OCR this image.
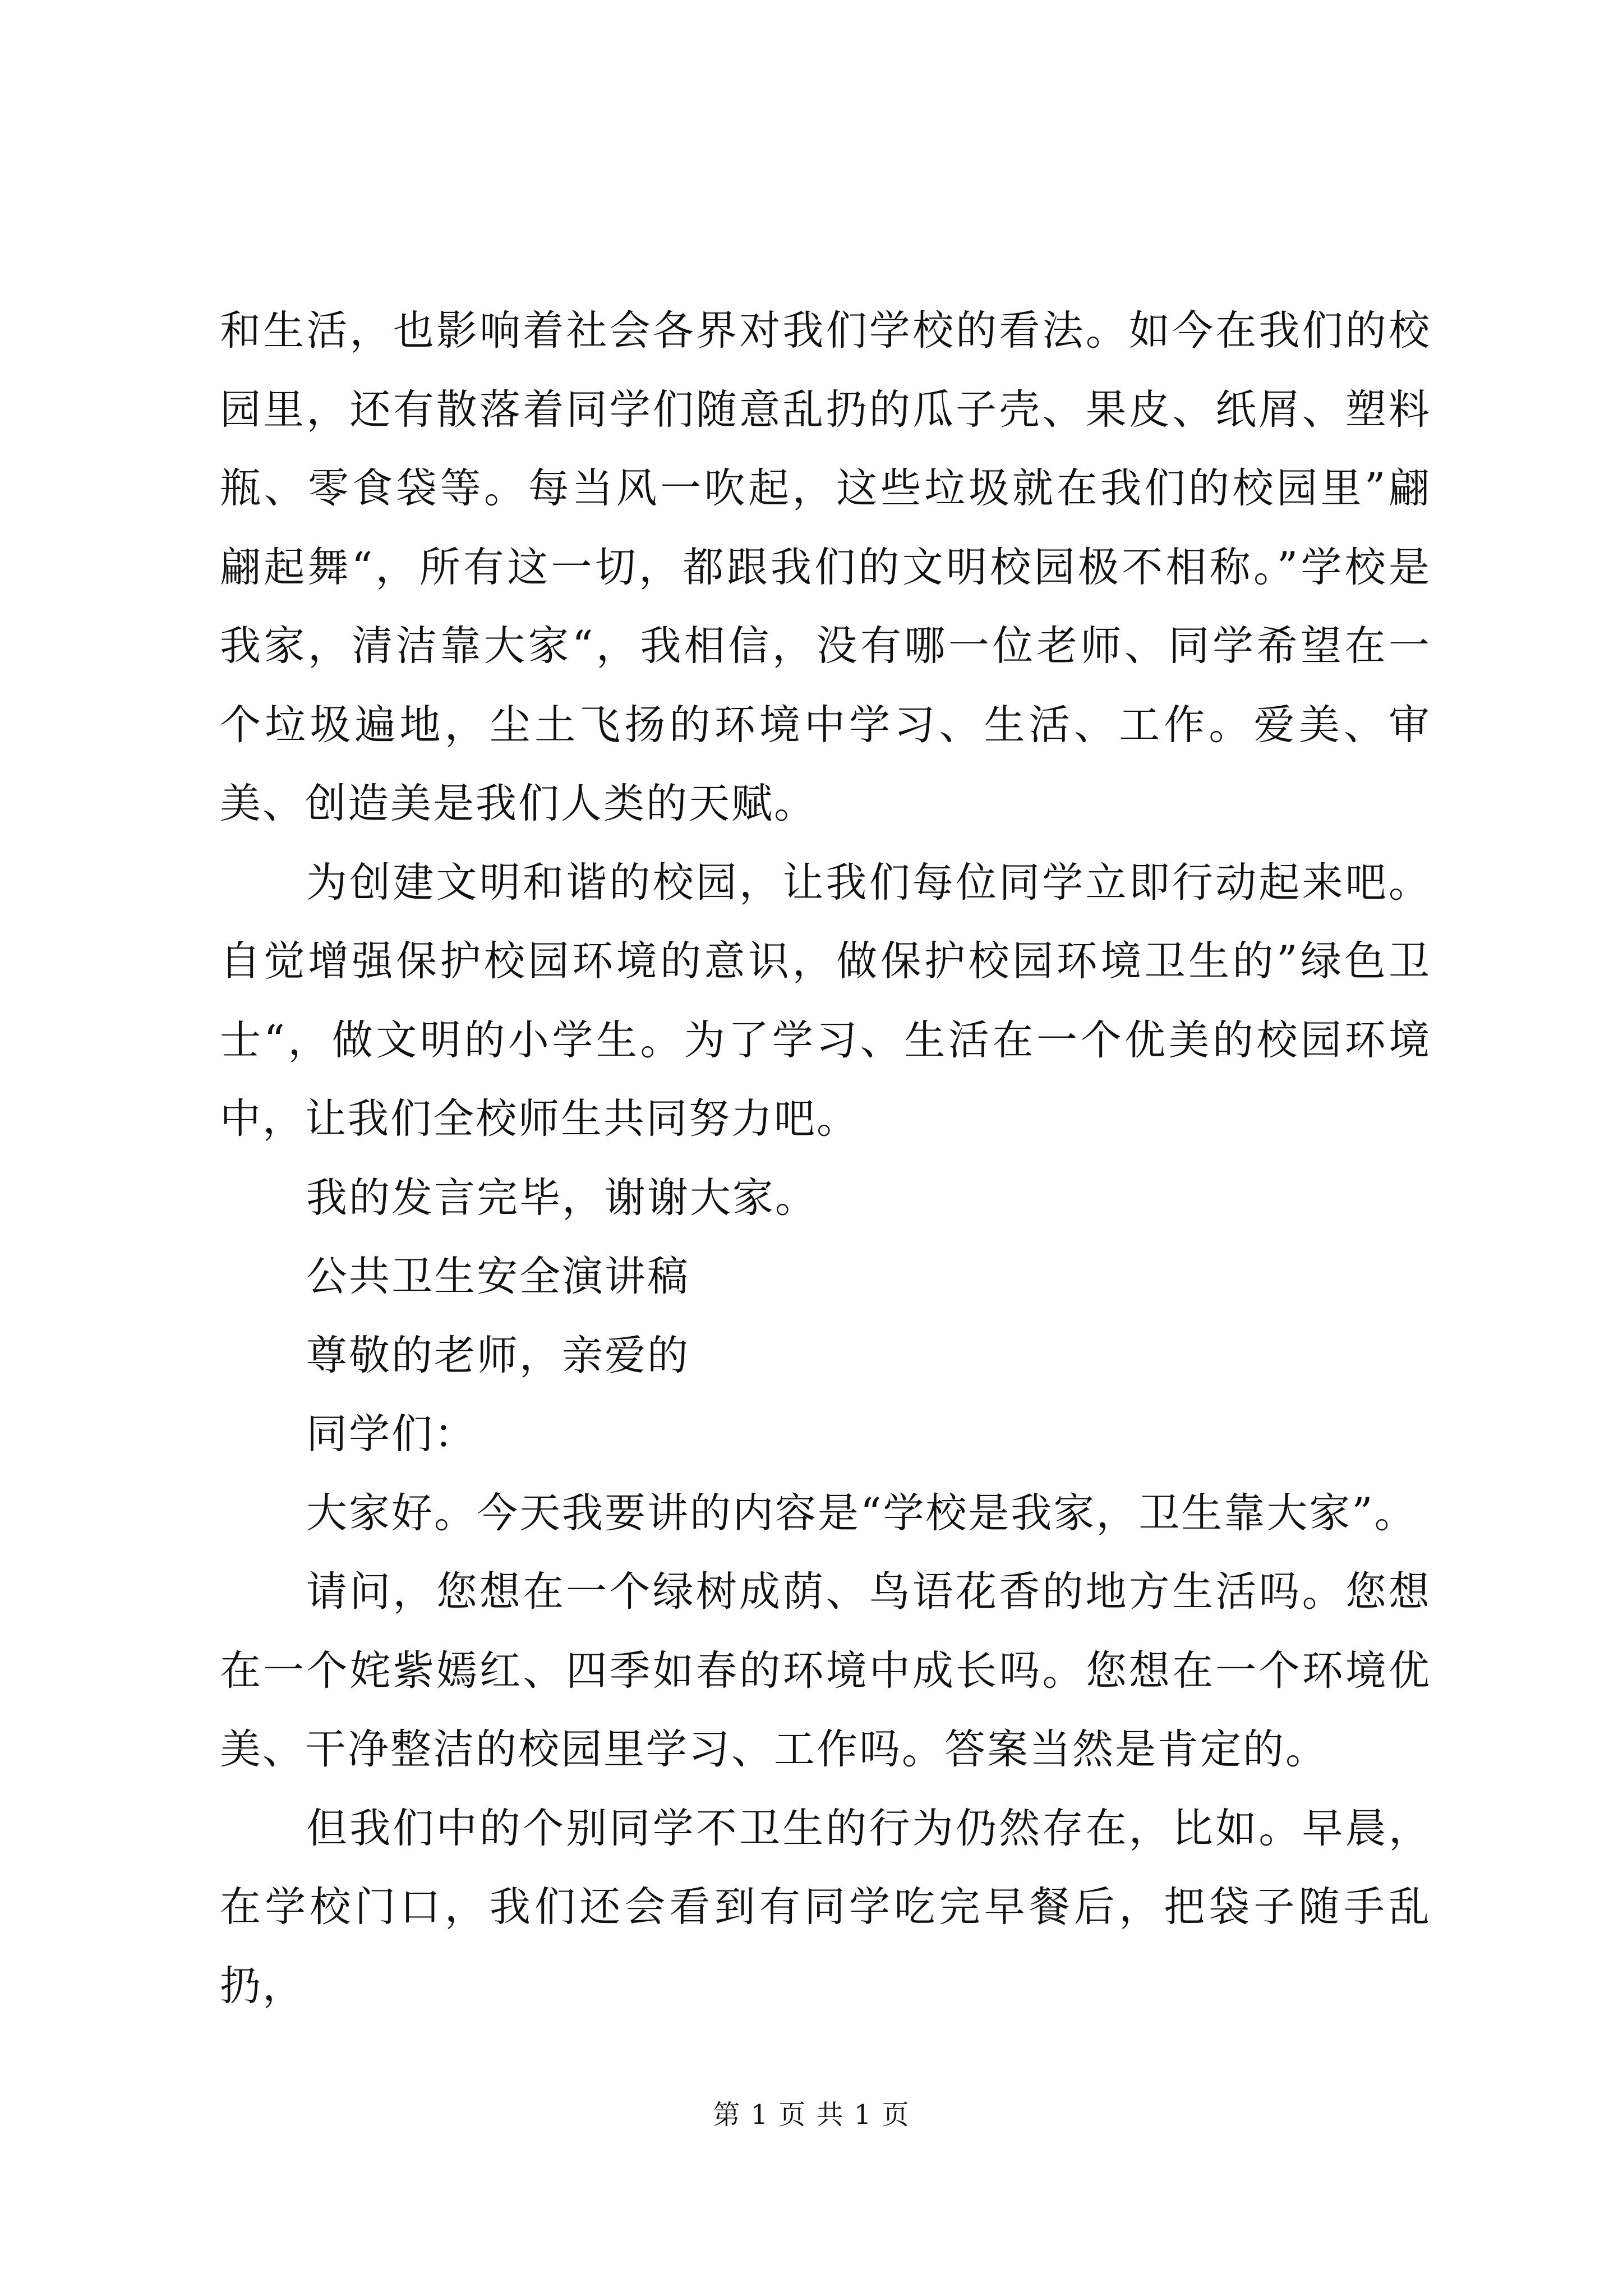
和生活，也影响着社会各界对我们学校的看法。如今在我们的校园里，还有散落着同学们随意乱扔的瓜子壳、果皮、纸屑、塑料瓶、零食袋等。每当风一吹起，这些垃圾就在我们的校园里”翩翩起舞“，所有这一切，都跟我们的文明校园极不相称。”学校是我家，清洁靠大家“，我相信，没有哪一位老师、同学希望在一个垃圾遍地，尘土飞扬的环境中学习、生活、工作。爱美、审美、创造美是我们人类的天赋。

为创建文明和谐的校园，让我们每位同学立即行动起来吧。自觉增强保护校园环境的意识，做保护校园环境卫生的”绿色卫士“，做文明的小学生。为了学习、生活在一个优美的校园环境中，让我们全校师生共同努力吧。

我的发言完毕，谢谢大家。

公共卫生安全演讲稿

尊敬的老师，亲爱的

同学们：

大家好。今天我要讲的内容是“学校是我家，卫生靠大家”。

请问，您想在一个绿树成荫、鸟语花香的地方生活吗。您想在一个姹紫嫣红、四季如春的环境中成长吗。您想在一个环境优美、干净整洁的校园里学习、工作吗。答案当然是肯定的。

但我们中的个别同学不卫生的行为仍然存在，比如。早晨，在学校门口，我们还会看到有同学吃完早餐后，把袋子随手乱扔，

第 1 页 共 1 页
